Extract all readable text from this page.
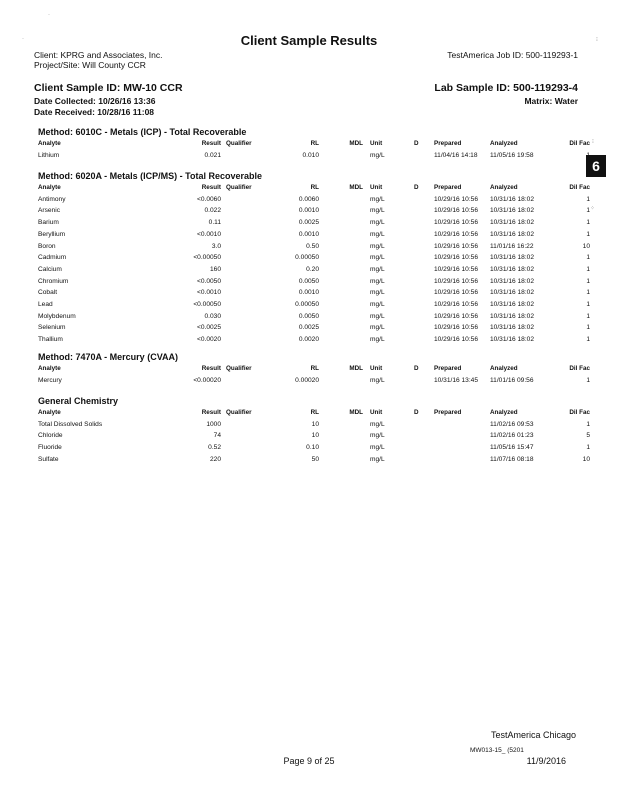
·
·	⁝
⁝
⁘
Client Sample Results
Client: KPRG and Associates, Inc.
Project/Site: Will County CCR
TestAmerica Job ID: 500-119293-1
Client Sample ID: MW-10 CCR	Lab Sample ID: 500-119293-4
Date Collected: 10/26/16 13:36	Matrix: Water
Date Received: 10/28/16 11:08
6
Method: 6010C - Metals (ICP) - Total Recoverable
Analyte	Result	Qualifier	RL	MDL	Unit	D	Prepared	Analyzed	Dil Fac
Lithium	0.021		0.010		mg/L		11/04/16 14:18	11/05/16 19:58	1
Method: 6020A - Metals (ICP/MS) - Total Recoverable
Analyte	Result	Qualifier	RL	MDL	Unit	D	Prepared	Analyzed	Dil Fac
Antimony	<0.0060		0.0060		mg/L		10/29/16 10:56	10/31/16 18:02	1
Arsenic	0.022		0.0010		mg/L		10/29/16 10:56	10/31/16 18:02	1
Barium	0.11		0.0025		mg/L		10/29/16 10:56	10/31/16 18:02	1
Beryllium	<0.0010		0.0010		mg/L		10/29/16 10:56	10/31/16 18:02	1
Boron	3.0		0.50		mg/L		10/29/16 10:56	11/01/16 16:22	10
Cadmium	<0.00050		0.00050		mg/L		10/29/16 10:56	10/31/16 18:02	1
Calcium	160		0.20		mg/L		10/29/16 10:56	10/31/16 18:02	1
Chromium	<0.0050		0.0050		mg/L		10/29/16 10:56	10/31/16 18:02	1
Cobalt	<0.0010		0.0010		mg/L		10/29/16 10:56	10/31/16 18:02	1
Lead	<0.00050		0.00050		mg/L		10/29/16 10:56	10/31/16 18:02	1
Molybdenum	0.030		0.0050		mg/L		10/29/16 10:56	10/31/16 18:02	1
Selenium	<0.0025		0.0025		mg/L		10/29/16 10:56	10/31/16 18:02	1
Thallium	<0.0020		0.0020		mg/L		10/29/16 10:56	10/31/16 18:02	1
Method: 7470A - Mercury (CVAA)
Analyte	Result	Qualifier	RL	MDL	Unit	D	Prepared	Analyzed	Dil Fac
Mercury	<0.00020		0.00020		mg/L		10/31/16 13:45	11/01/16 09:56	1
General Chemistry
Analyte	Result	Qualifier	RL	MDL	Unit	D	Prepared	Analyzed	Dil Fac
Total Dissolved Solids	1000		10		mg/L			11/02/16 09:53	1
Chloride	74		10		mg/L			11/02/16 01:23	5
Fluoride	0.52		0.10		mg/L			11/05/16 15:47	1
Sulfate	220		50		mg/L			11/07/16 08:18	10
TestAmerica Chicago
MW013-15_ (5201
Page 9 of 25	11/9/2016
